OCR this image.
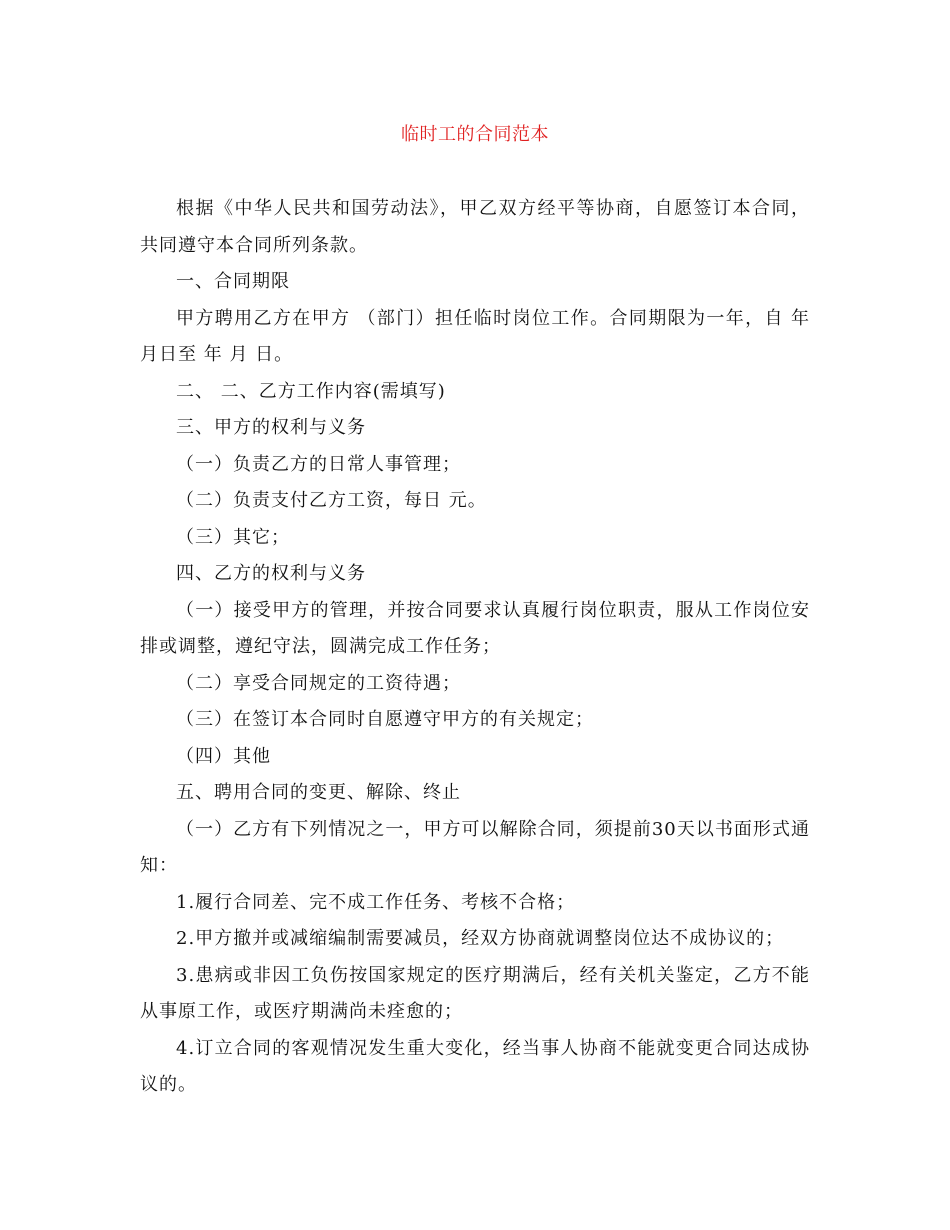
临时工的合同范本

根据《中华人民共和国劳动法》，甲乙双方经平等协商，自愿签订本合同，共同遵守本合同所列条款。

一、合同期限

甲方聘用乙方在甲方 （部门）担任临时岗位工作。合同期限为一年，自 年 月日至 年 月 日。

二、 二、乙方工作内容(需填写)

三、甲方的权利与义务

（一）负责乙方的日常人事管理；

（二）负责支付乙方工资，每日 元。

（三）其它；

四、乙方的权利与义务

（一）接受甲方的管理，并按合同要求认真履行岗位职责，服从工作岗位安排或调整，遵纪守法，圆满完成工作任务；

（二）享受合同规定的工资待遇；

（三）在签订本合同时自愿遵守甲方的有关规定；

（四）其他

五、聘用合同的变更、解除、终止

（一）乙方有下列情况之一，甲方可以解除合同，须提前30天以书面形式通知：

1.履行合同差、完不成工作任务、考核不合格；

2.甲方撤并或减缩编制需要减员，经双方协商就调整岗位达不成协议的；

3.患病或非因工负伤按国家规定的医疗期满后，经有关机关鉴定，乙方不能从事原工作，或医疗期满尚未痊愈的；

4.订立合同的客观情况发生重大变化，经当事人协商不能就变更合同达成协议的。
